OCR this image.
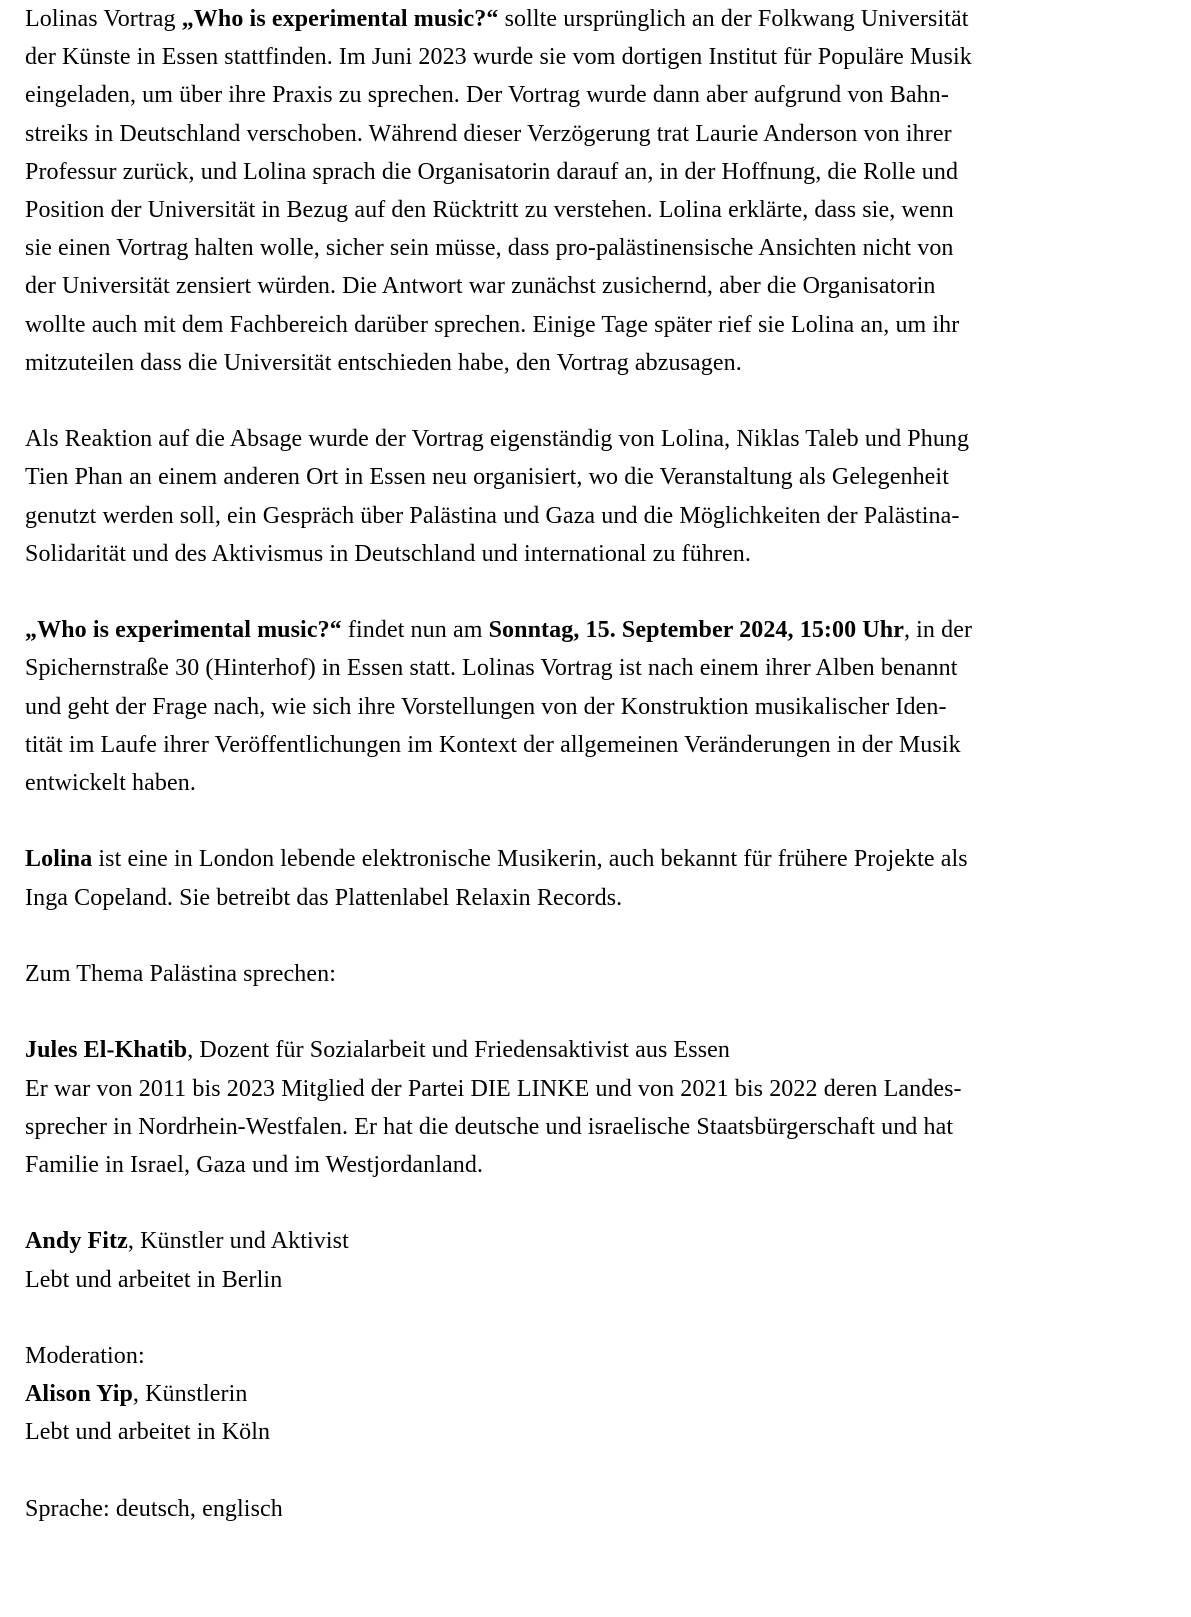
Lolinas Vortrag „Who is experimental music?“ sollte ursprünglich an der Folkwang Universität
der Künste in Essen stattfinden. Im Juni 2023 wurde sie vom dortigen Institut für Populäre Musik
eingeladen, um über ihre Praxis zu sprechen. Der Vortrag wurde dann aber aufgrund von Bahn-
streiks in Deutschland verschoben. Während dieser Verzögerung trat Laurie Anderson von ihrer
Professur zurück, und Lolina sprach die Organisatorin darauf an, in der Hoffnung, die Rolle und
Position der Universität in Bezug auf den Rücktritt zu verstehen. Lolina erklärte, dass sie, wenn
sie einen Vortrag halten wolle, sicher sein müsse, dass pro-palästinensische Ansichten nicht von
der Universität zensiert würden. Die Antwort war zunächst zusichernd, aber die Organisatorin
wollte auch mit dem Fachbereich darüber sprechen. Einige Tage später rief sie Lolina an, um ihr
mitzuteilen dass die Universität entschieden habe, den Vortrag abzusagen.

Als Reaktion auf die Absage wurde der Vortrag eigenständig von Lolina, Niklas Taleb und Phung
Tien Phan an einem anderen Ort in Essen neu organisiert, wo die Veranstaltung als Gelegenheit
genutzt werden soll, ein Gespräch über Palästina und Gaza und die Möglichkeiten der Palästina-
Solidarität und des Aktivismus in Deutschland und international zu führen.

„Who is experimental music?“ findet nun am Sonntag, 15. September 2024, 15:00 Uhr, in der
Spichernstraße 30 (Hinterhof) in Essen statt. Lolinas Vortrag ist nach einem ihrer Alben benannt
und geht der Frage nach, wie sich ihre Vorstellungen von der Konstruktion musikalischer Iden-
tität im Laufe ihrer Veröffentlichungen im Kontext der allgemeinen Veränderungen in der Musik
entwickelt haben.

Lolina ist eine in London lebende elektronische Musikerin, auch bekannt für frühere Projekte als
Inga Copeland. Sie betreibt das Plattenlabel Relaxin Records.

Zum Thema Palästina sprechen:

Jules El-Khatib, Dozent für Sozialarbeit und Friedensaktivist aus Essen
Er war von 2011 bis 2023 Mitglied der Partei DIE LINKE und von 2021 bis 2022 deren Landes-
sprecher in Nordrhein-Westfalen. Er hat die deutsche und israelische Staatsbürgerschaft und hat
Familie in Israel, Gaza und im Westjordanland.

Andy Fitz, Künstler und Aktivist
Lebt und arbeitet in Berlin

Moderation:
Alison Yip, Künstlerin
Lebt und arbeitet in Köln

Sprache: deutsch, englisch
